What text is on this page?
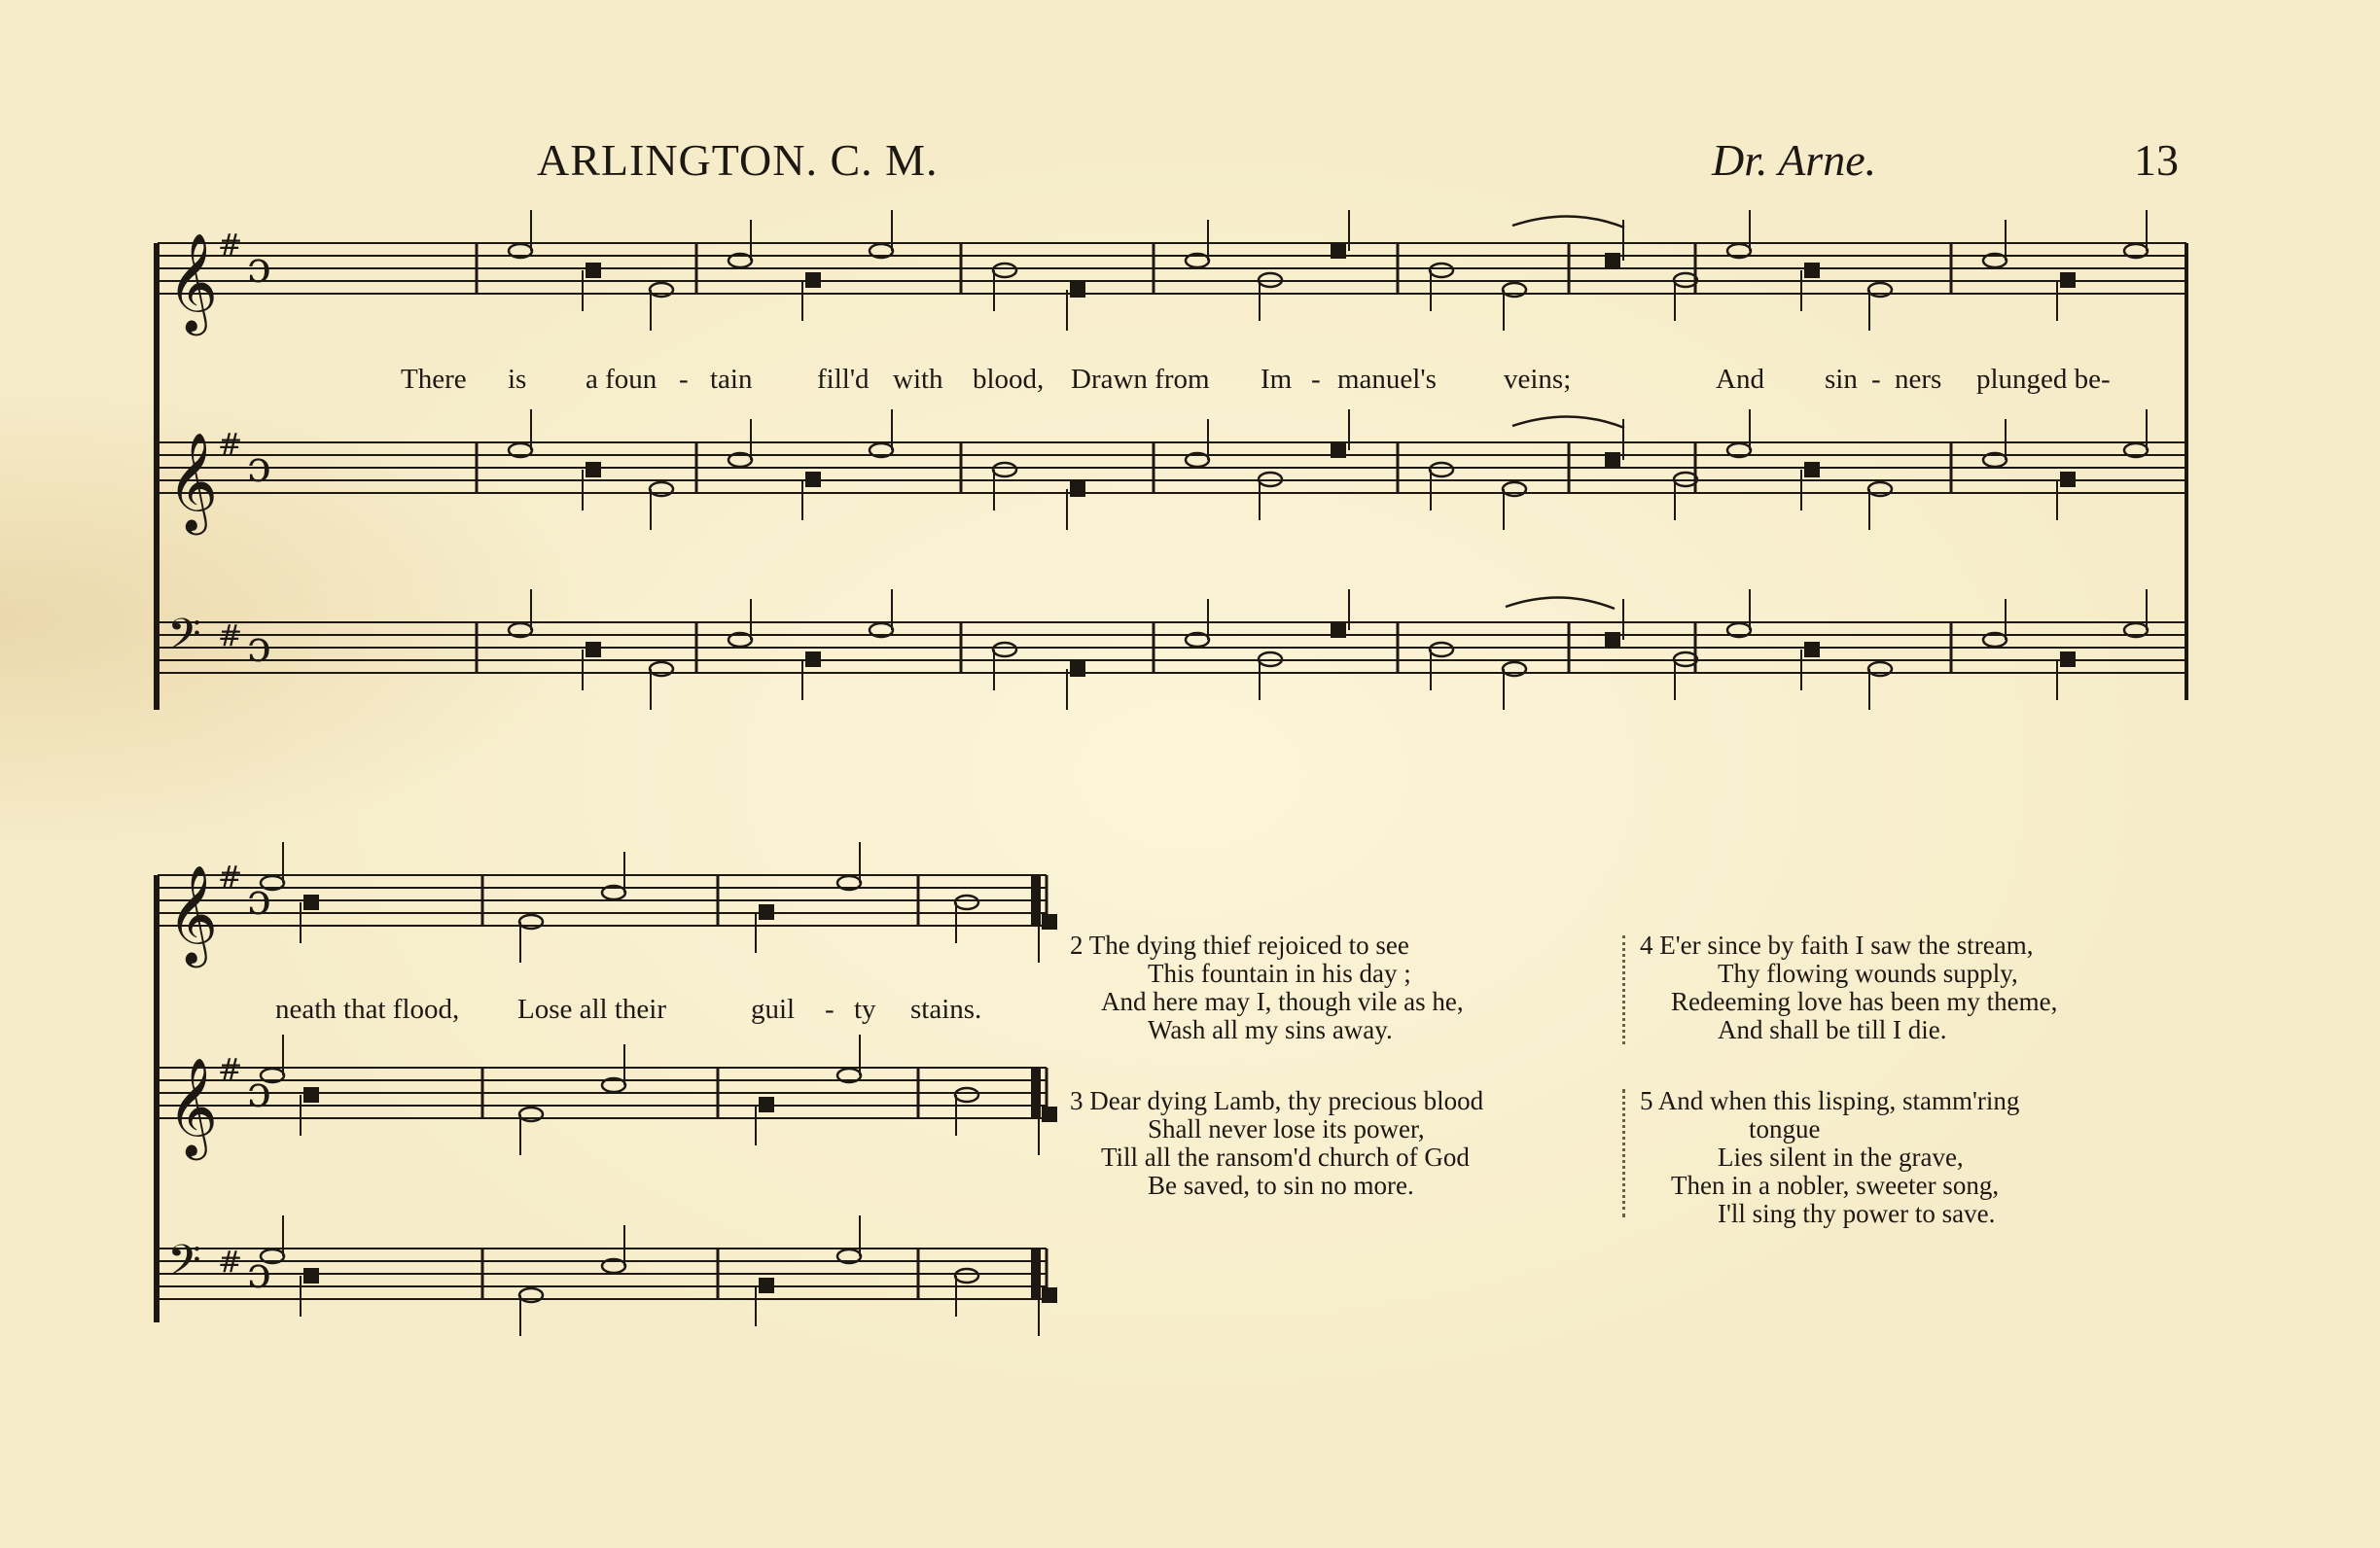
ARLINGTON. C. M.	Dr. Arne.	13
𝄞 # ɔ
𝄞 # ɔ
𝄢 # ɔ
𝄞 # ɔ
𝄞 # ɔ
𝄢 # ɔ
There is a foun - tain fill'd with blood, Drawn from Im - manuel's veins;	And sin - ners plunged be-
neath that flood, Lose all their	guil - ty stains.
2 The dying thief rejoiced to see
This fountain in his day ;
And here may I, though vile as he,
Wash all my sins away.
3 Dear dying Lamb, thy precious blood
Shall never lose its power,
Till all the ransom'd church of God
Be saved, to sin no more.
4 E'er since by faith I saw the stream,
Thy flowing wounds supply,
Redeeming love has been my theme,
And shall be till I die.
5 And when this lisping, stamm'ring
tongue
Lies silent in the grave,
Then in a nobler, sweeter song,
I'll sing thy power to save.
